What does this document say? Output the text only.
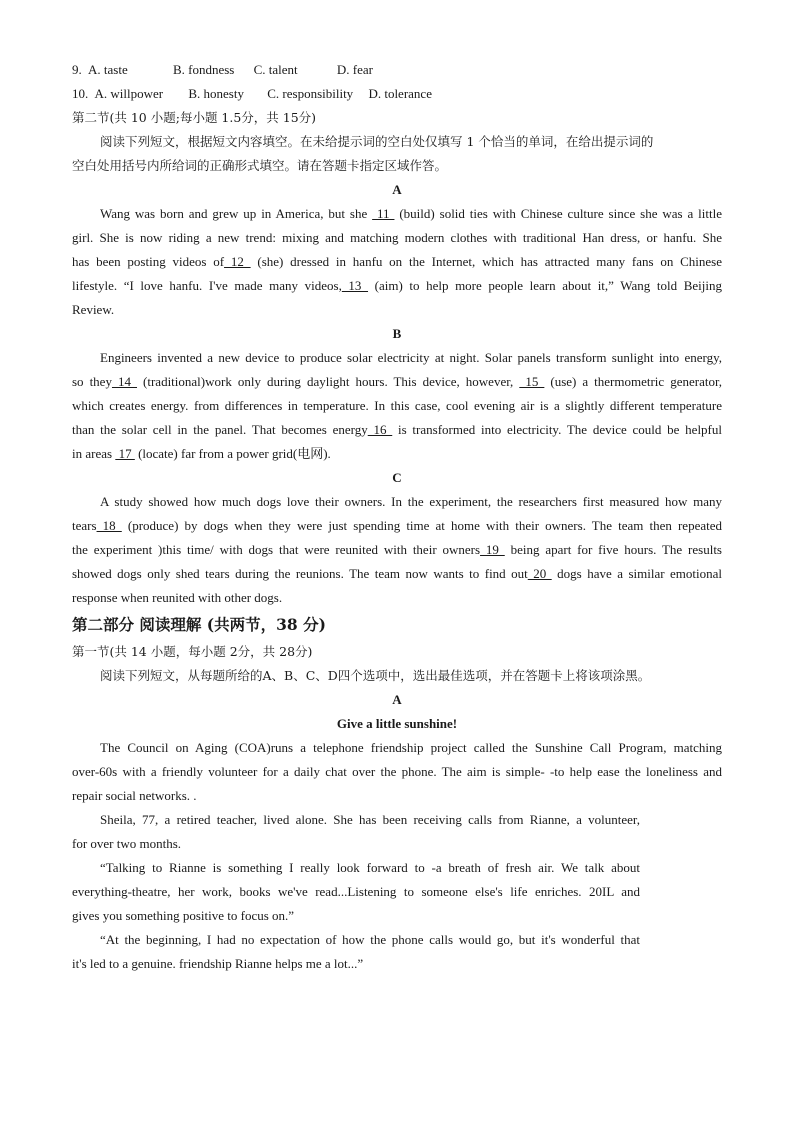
9. A. taste	B. fondness C. talent	D. fear
10. A. willpower B. honesty C. responsibility D. tolerance
第二节(共 10 小题;每小题 1.5分，共 15分)
阅读下列短文，根据短文内容填空。在未给提示词的空白处仅填写 1 个恰当的单词，在给出提示词的
空白处用括号内所给词的正确形式填空。请在答题卡指定区域作答。
A
Wang was born and grew up in America, but she  11  (build) solid ties with Chinese culture since she was a little
girl. She is now riding a new trend: mixing and matching modern clothes with traditional Han dress, or hanfu. She
has been posting videos of 12  (she) dressed in hanfu on the Internet, which has attracted many fans on Chinese
lifestyle. “I love hanfu. I've made many videos, 13  (aim) to help more people learn about it,” Wang told Beijing
Review.
B
Engineers invented a new device to produce solar electricity at night. Solar panels transform sunlight into energy,
so they 14  (traditional)work only during daylight hours. This device, however,  15  (use) a thermometric generator,
which creates energy. from differences in temperature. In this case, cool evening air is a slightly different temperature
than the solar cell in the panel. That becomes energy 16  is transformed into electricity. The device could be helpful
in areas  17  (locate) far from a power grid(电网).
C
A study showed how much dogs love their owners. In the experiment, the researchers first measured how many
tears 18  (produce) by dogs when they were just spending time at home with their owners. The team then repeated
the experiment )this time/ with dogs that were reunited with their owners 19  being apart for five hours. The results
showed dogs only shed tears during the reunions. The team now wants to find out 20  dogs have a similar emotional
response when reunited with other dogs.
第二部分 阅读理解 (共两节，38 分)
第一节(共 14 小题，每小题 2分，共 28分)
阅读下列短文，从每题所给的A、B、C、D四个选项中，选出最佳选项，并在答题卡上将该项涂黑。
A
Give a little sunshine!
The Council on Aging (COA)runs a telephone friendship project called the Sunshine Call Program, matching
over-60s with a friendly volunteer for a daily chat over the phone. The aim is simple- -to help ease the loneliness and
repair social networks. .
Sheila, 77, a retired teacher, lived alone. She has been receiving calls from Rianne, a volunteer,
for over two months.
“Talking to Rianne is something I really look forward to -a breath of fresh air. We talk about
everything-theatre, her work, books we've read...Listening to someone else's life enriches. 20IL and
gives you something positive to focus on.”
“At the beginning, I had no expectation of how the phone calls would go, but it's wonderful that
it's led to a genuine. friendship Rianne helps me a lot...”
